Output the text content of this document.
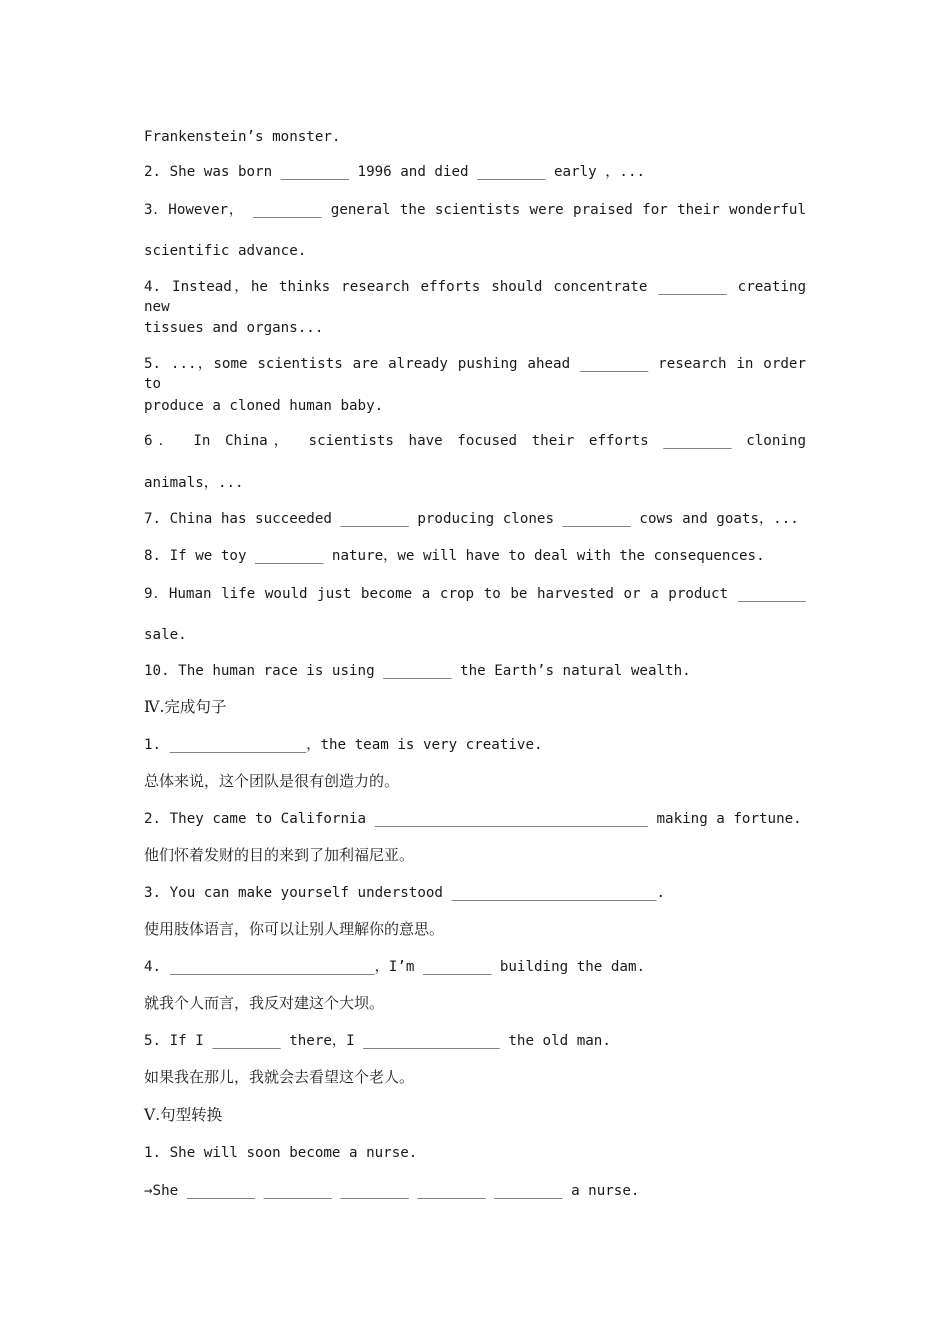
Frankenstein’s monster.
2. She was born ________ 1996 and died ________ early ，...
3．However， ________ general the scientists were praised for their wonderful
scientific advance.
4. Instead，he thinks research efforts should concentrate ________ creating new
tissues and organs...
5. ...，some scientists are already pushing ahead ________ research in order to
produce a cloned human baby.
6． In China， scientists have focused their efforts ________ cloning
animals，...
7. China has succeeded ________ producing clones ________ cows and goats，...
8. If we toy ________ nature，we will have to deal with the consequences.
9．Human life would just become a crop to be harvested or a product ________
sale.
10. The human race is using ________ the Earth’s natural wealth.
Ⅳ.完成句子
1. ________________，the team is very creative.
总体来说，这个团队是很有创造力的。
2. They came to California ________________________________ making a fortune.
他们怀着发财的目的来到了加利福尼亚。
3. You can make yourself understood ________________________.
使用肢体语言，你可以让别人理解你的意思。
4. ________________________，I’m ________ building the dam.
就我个人而言，我反对建这个大坝。
5. If I ________ there，I ________________ the old man.
如果我在那儿，我就会去看望这个老人。
Ⅴ.句型转换
1. She will soon become a nurse.
→She ________ ________ ________ ________ ________ a nurse.
